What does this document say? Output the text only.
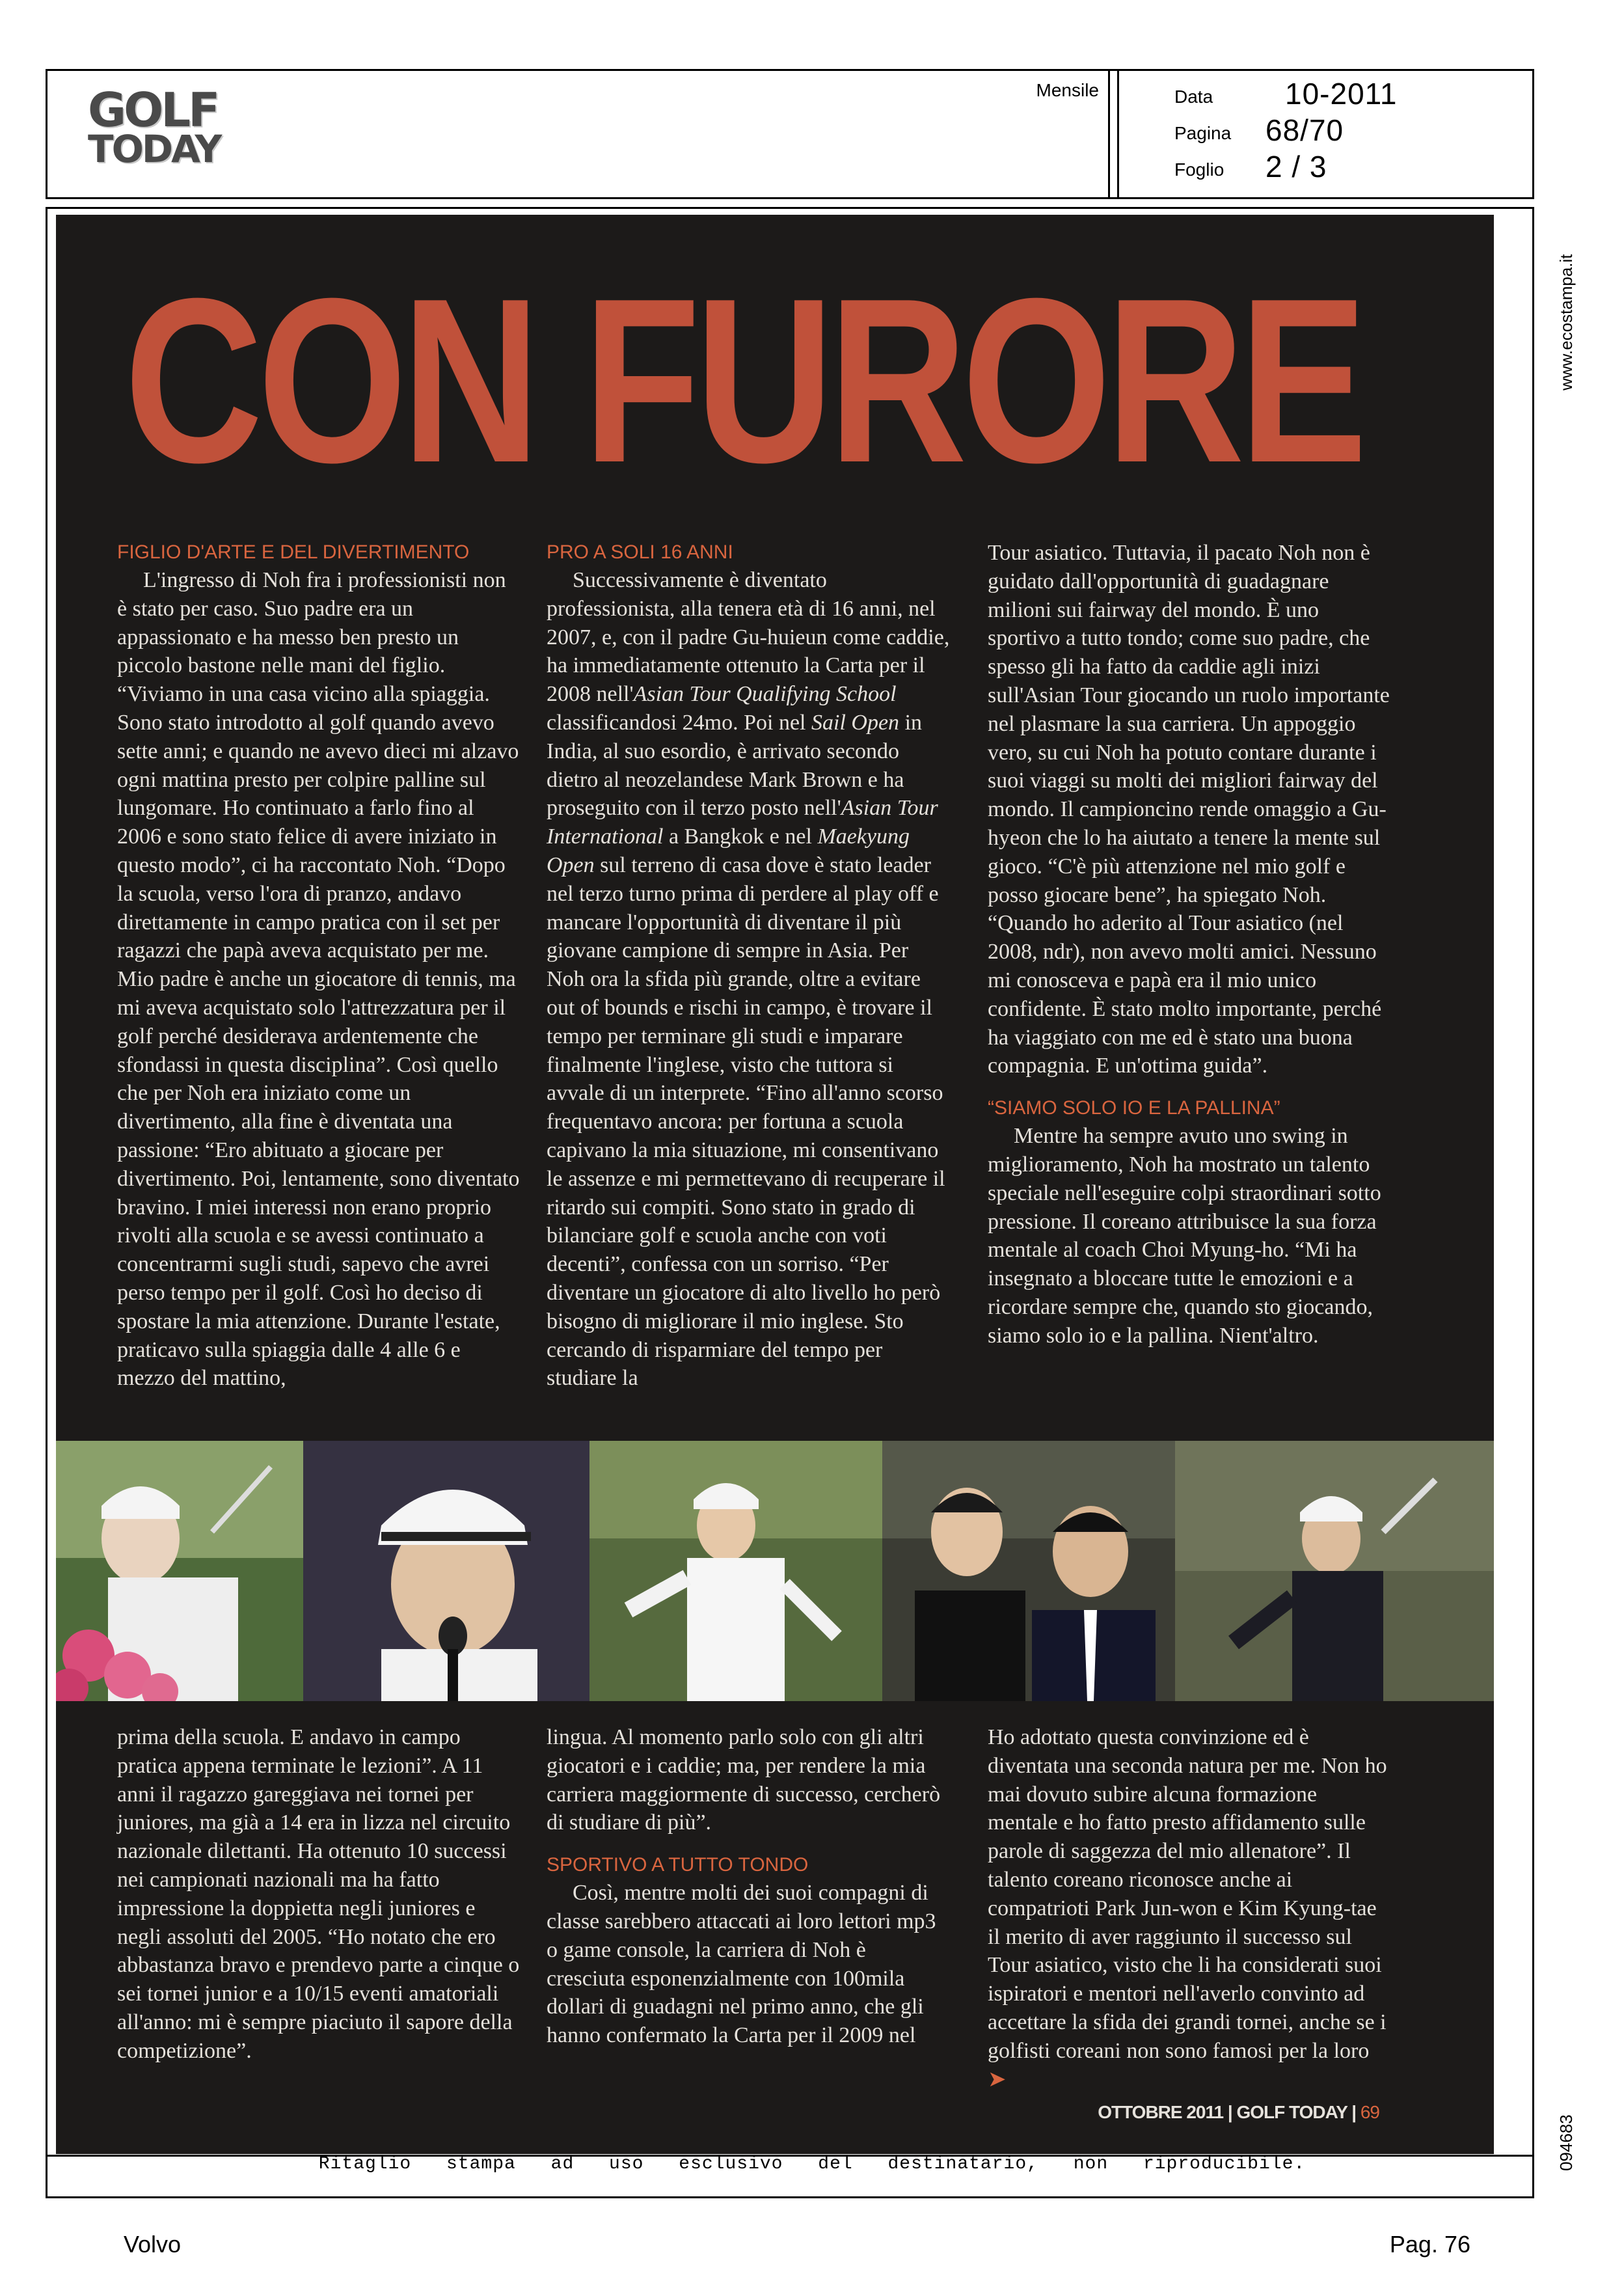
GOLF
TODAY
Mensile	Data 10-2011
Pagina 68/70
Foglio 2 / 3
www.ecostampa.it
094683
CON FURORE
FIGLIO D'ARTE E DEL DIVERTIMENTO

L'ingresso di Noh fra i professionisti non è stato per caso. Suo padre era un appassionato e ha messo ben presto un piccolo bastone nelle mani del figlio. “Viviamo in una casa vicino alla spiaggia. Sono stato introdotto al golf quando avevo sette anni; e quando ne avevo dieci mi alzavo ogni mattina presto per colpire palline sul lungomare. Ho continuato a farlo fino al 2006 e sono stato felice di avere iniziato in questo modo”, ci ha raccontato Noh. “Dopo la scuola, verso l'ora di pranzo, andavo direttamente in campo pratica con il set per ragazzi che papà aveva acquistato per me. Mio padre è anche un giocatore di tennis, ma mi aveva acquistato solo l'attrezzatura per il golf perché desiderava ardentemente che sfondassi in questa disciplina”. Così quello che per Noh era iniziato come un divertimento, alla fine è diventata una passione: “Ero abituato a giocare per divertimento. Poi, lentamente, sono diventato bravino. I miei interessi non erano proprio rivolti alla scuola e se avessi continuato a concentrarmi sugli studi, sapevo che avrei perso tempo per il golf. Così ho deciso di spostare la mia attenzione. Durante l'estate, praticavo sulla spiaggia dalle 4 alle 6 e mezzo del mattino,

PRO A SOLI 16 ANNI

Successivamente è diventato professionista, alla tenera età di 16 anni, nel 2007, e, con il padre Gu-huieun come caddie, ha immediatamente ottenuto la Carta per il 2008 nell'Asian Tour Qualifying School classificandosi 24mo. Poi nel Sail Open in India, al suo esordio, è arrivato secondo dietro al neozelandese Mark Brown e ha proseguito con il terzo posto nell'Asian Tour International a Bangkok e nel Maekyung Open sul terreno di casa dove è stato leader nel terzo turno prima di perdere al play off e mancare l'opportunità di diventare il più giovane campione di sempre in Asia. Per Noh ora la sfida più grande, oltre a evitare out of bounds e rischi in campo, è trovare il tempo per terminare gli studi e imparare finalmente l'inglese, visto che tuttora si avvale di un interprete. “Fino all'anno scorso frequentavo ancora: per fortuna a scuola capivano la mia situazione, mi consentivano le assenze e mi permettevano di recuperare il ritardo sui compiti. Sono stato in grado di bilanciare golf e scuola anche con voti decenti”, confessa con un sorriso. “Per diventare un giocatore di alto livello ho però bisogno di migliorare il mio inglese. Sto cercando di risparmiare del tempo per studiare la

Tour asiatico. Tuttavia, il pacato Noh non è guidato dall'opportunità di guadagnare milioni sui fairway del mondo. È uno sportivo a tutto tondo; come suo padre, che spesso gli ha fatto da caddie agli inizi sull'Asian Tour giocando un ruolo importante nel plasmare la sua carriera. Un appoggio vero, su cui Noh ha potuto contare durante i suoi viaggi su molti dei migliori fairway del mondo. Il campioncino rende omaggio a Gu-hyeon che lo ha aiutato a tenere la mente sul gioco. “C'è più attenzione nel mio golf e posso giocare bene”, ha spiegato Noh. “Quando ho aderito al Tour asiatico (nel 2008, ndr), non avevo molti amici. Nessuno mi conosceva e papà era il mio unico confidente. È stato molto importante, perché ha viaggiato con me ed è stato una buona compagnia. E un'ottima guida”.

“SIAMO SOLO IO E LA PALLINA”

Mentre ha sempre avuto uno swing in miglioramento, Noh ha mostrato un talento speciale nell'eseguire colpi straordinari sotto pressione. Il coreano attribuisce la sua forza mentale al coach Choi Myung-ho. “Mi ha insegnato a bloccare tutte le emozioni e a ricordare sempre che, quando sto giocando, siamo solo io e la pallina. Nient'altro.

prima della scuola. E andavo in campo pratica appena terminate le lezioni”. A 11 anni il ragazzo gareggiava nei tornei per juniores, ma già a 14 era in lizza nel circuito nazionale dilettanti. Ha ottenuto 10 successi nei campionati nazionali ma ha fatto impressione la doppietta negli juniores e negli assoluti del 2005. “Ho notato che ero abbastanza bravo e prendevo parte a cinque o sei tornei junior e a 10/15 eventi amatoriali all'anno: mi è sempre piaciuto il sapore della competizione”.

lingua. Al momento parlo solo con gli altri giocatori e i caddie; ma, per rendere la mia carriera maggiormente di successo, cercherò di studiare di più”.

SPORTIVO A TUTTO TONDO

Così, mentre molti dei suoi compagni di classe sarebbero attaccati ai loro lettori mp3 o game console, la carriera di Noh è cresciuta esponenzialmente con 100mila dollari di guadagni nel primo anno, che gli hanno confermato la Carta per il 2009 nel

Ho adottato questa convinzione ed è diventata una seconda natura per me. Non ho mai dovuto subire alcuna formazione mentale e ho fatto presto affidamento sulle parole di saggezza del mio allenatore”. Il talento coreano riconosce anche ai compatrioti Park Jun-won e Kim Kyung-tae il merito di aver raggiunto il successo sul Tour asiatico, visto che li ha considerati suoi ispiratori e mentori nell'averlo convinto ad accettare la sfida dei grandi tornei, anche se i golfisti coreani non sono famosi per la loro ➤

OTTOBRE 2011 | GOLF TODAY | 69
Ritaglio stampa ad uso esclusivo del destinatario, non riproducibile.
Volvo	Pag. 76
